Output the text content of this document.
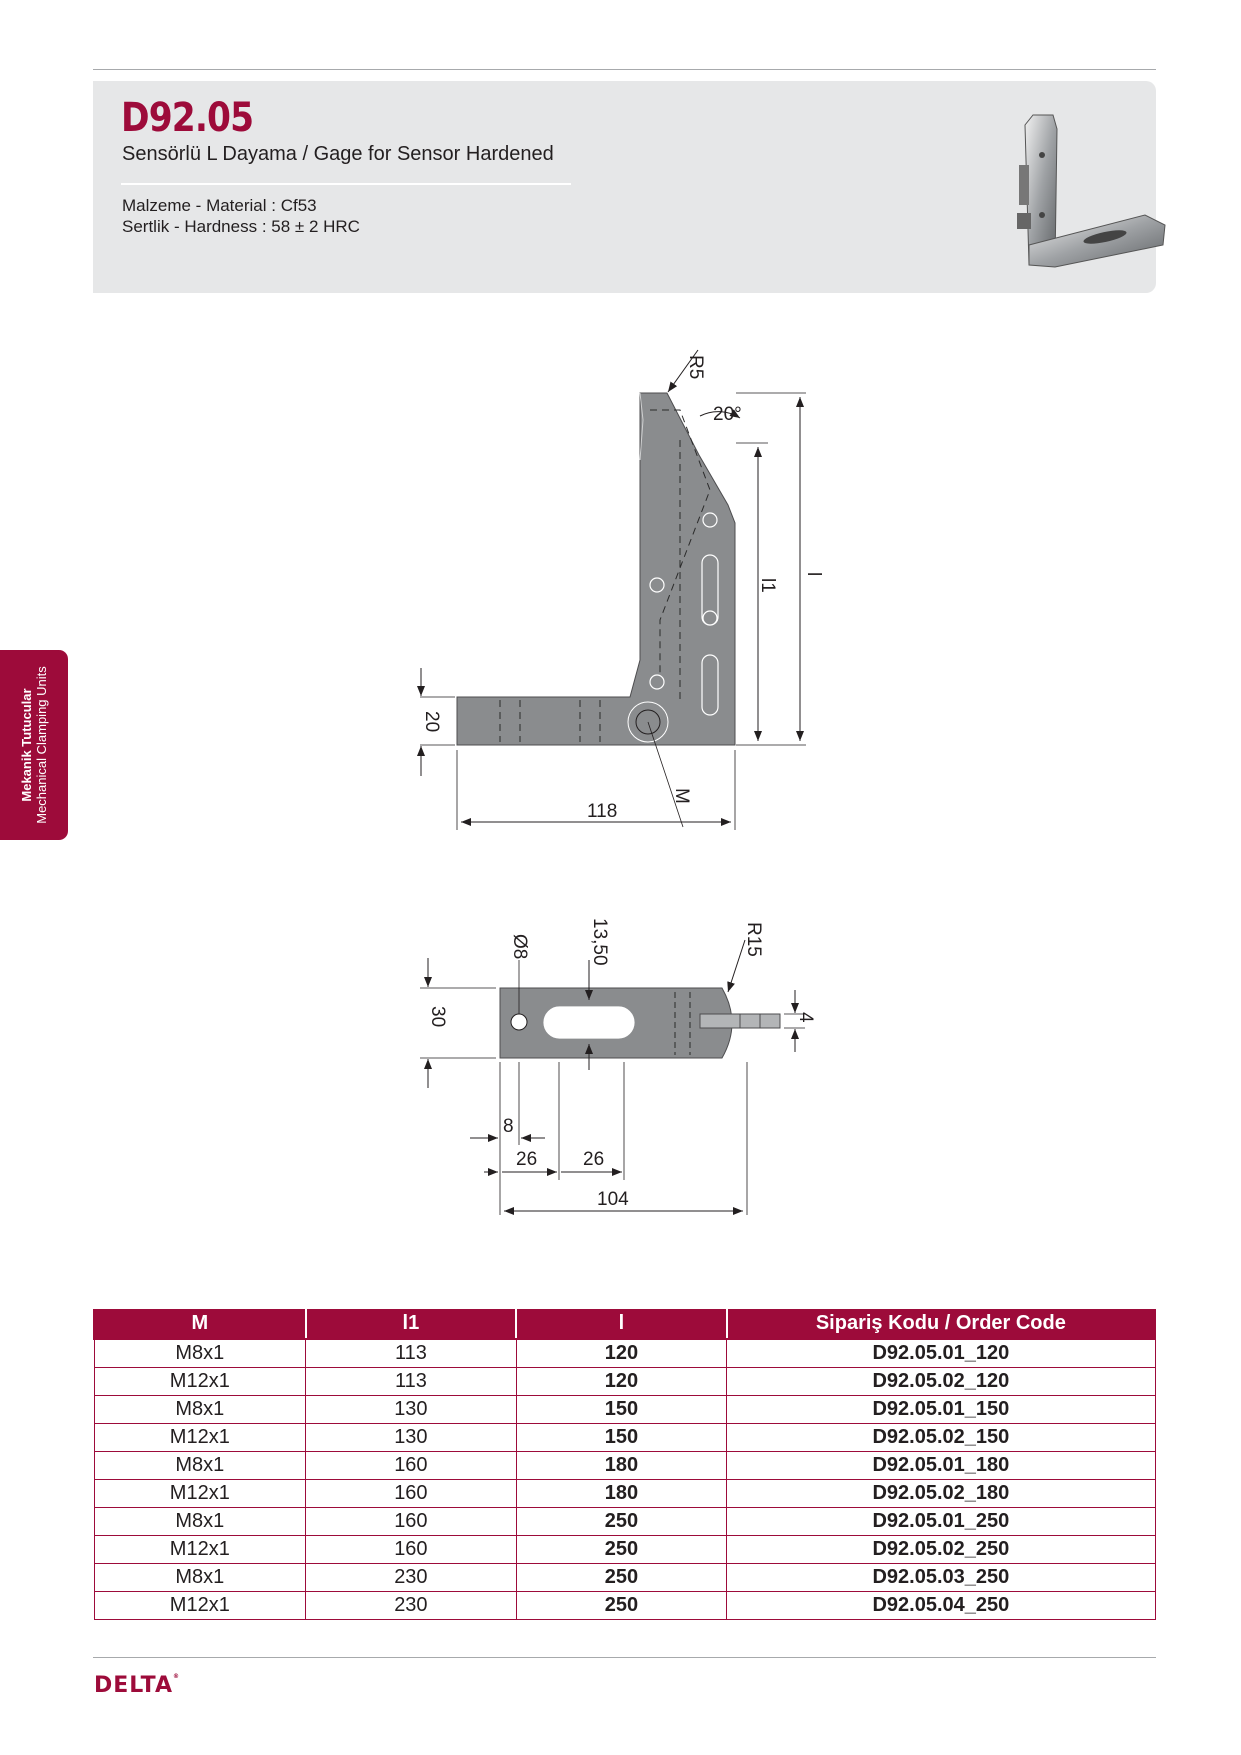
D92.05
Sensörlü L Dayama / Gage for Sensor Hardened
Malzeme - Material : Cf53
Sertlik - Hardness : 58 ± 2 HRC
Mekanik Tutucular Mechanical Clamping Units
R5
20°
l1
l
20
M
118
Ø8	13,50	R15
30	4
8
26 26
104
M	l1	l	Sipariş Kodu / Order Code
M8x1	113	120	D92.05.01_120
M12x1	113	120	D92.05.02_120
M8x1	130	150	D92.05.01_150
M12x1	130	150	D92.05.02_150
M8x1	160	180	D92.05.01_180
M12x1	160	180	D92.05.02_180
M8x1	160	250	D92.05.01_250
M12x1	160	250	D92.05.02_250
M8x1	230	250	D92.05.03_250
M12x1	230	250	D92.05.04_250
DELTA®
